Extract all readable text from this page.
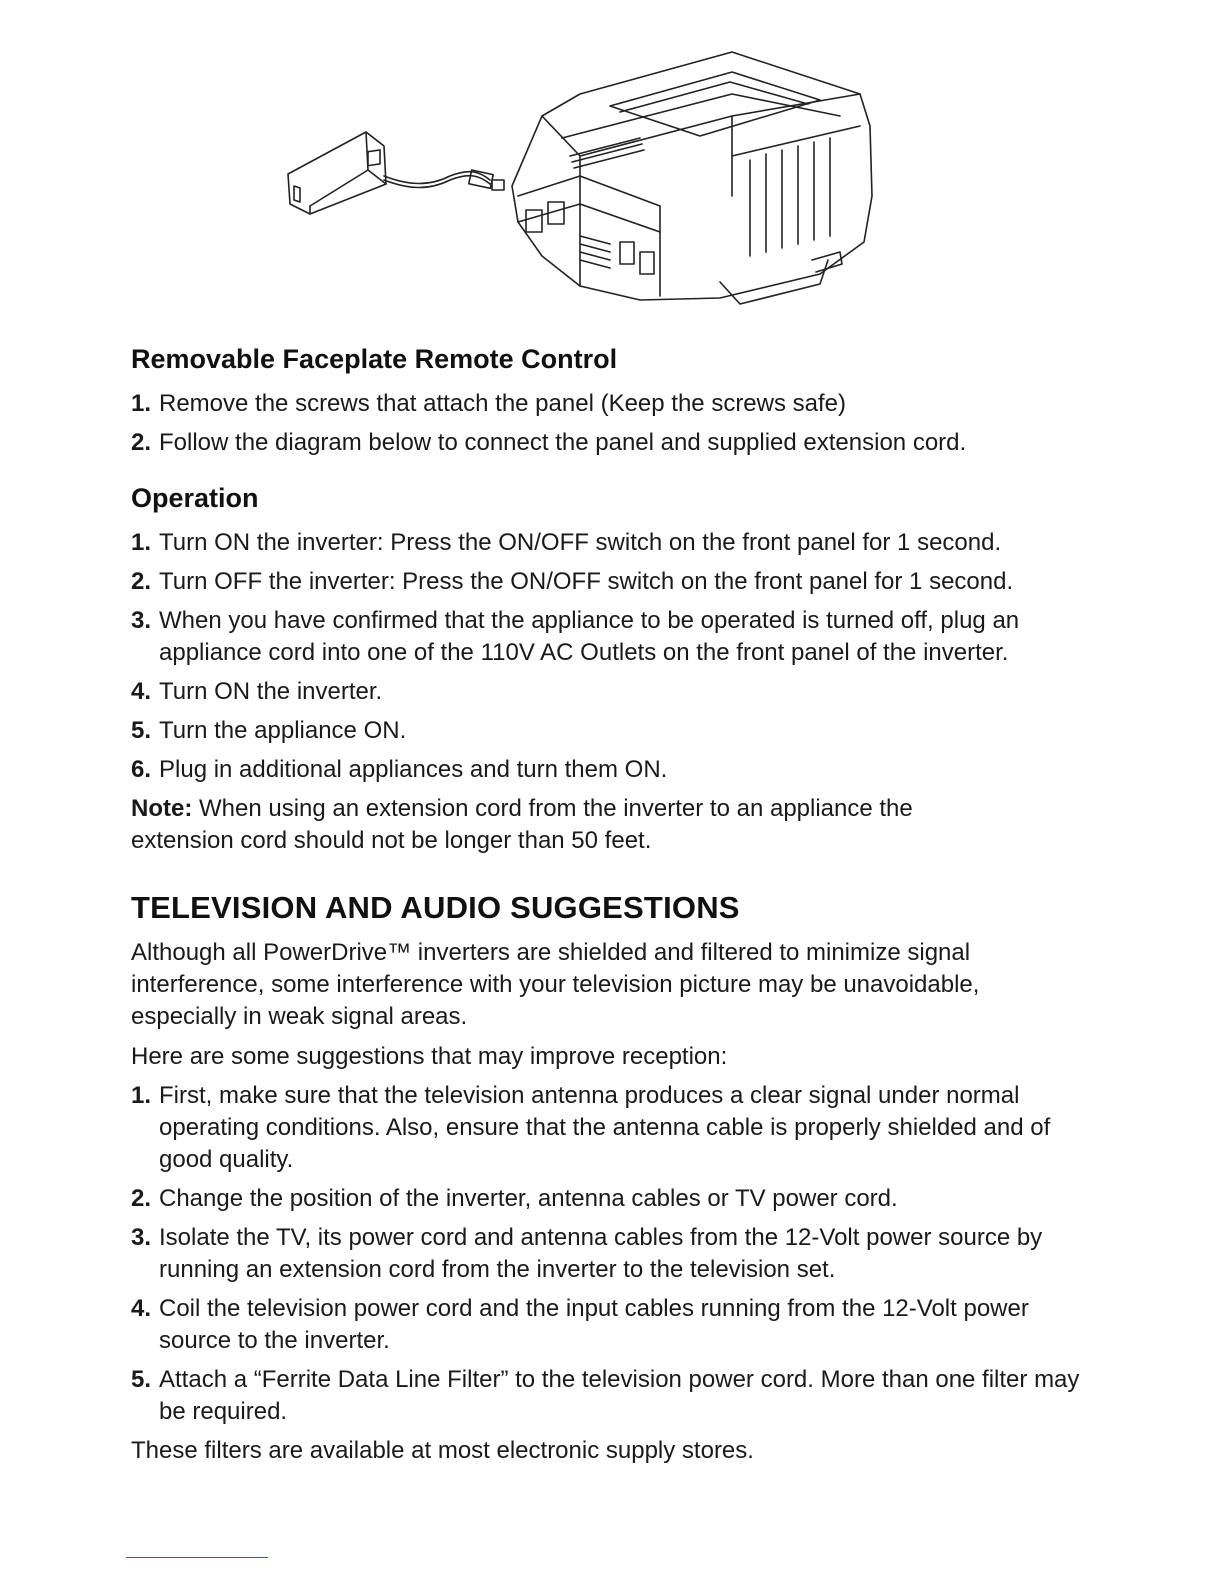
Removable Faceplate Remote Control
1. Remove the screws that attach the panel (Keep the screws safe)
2. Follow the diagram below to connect the panel and supplied extension cord.
Operation
1. Turn ON the inverter: Press the ON/OFF switch on the front panel for 1 second.
2. Turn OFF the inverter: Press the ON/OFF switch on the front panel for 1 second.
3. When you have confirmed that the appliance to be operated is turned off, plug an appliance cord into one of the 110V AC Outlets on the front panel of the inverter.
4. Turn ON the inverter.
5. Turn the appliance ON.
6. Plug in additional appliances and turn them ON.

Note: When using an extension cord from the inverter to an appliance the extension cord should not be longer than 50 feet.

TELEVISION AND AUDIO SUGGESTIONS

Although all PowerDrive™ inverters are shielded and filtered to minimize signal interference, some interference with your television picture may be unavoidable, especially in weak signal areas.

Here are some suggestions that may improve reception:

1. First, make sure that the television antenna produces a clear signal under normal operating conditions. Also, ensure that the antenna cable is properly shielded and of good quality.
2. Change the position of the inverter, antenna cables or TV power cord.
3. Isolate the TV, its power cord and antenna cables from the 12-Volt power source by running an extension cord from the inverter to the television set.
4. Coil the television power cord and the input cables running from the 12-Volt power source to the inverter.
5. Attach a “Ferrite Data Line Filter” to the television power cord. More than one filter may be required.

These filters are available at most electronic supply stores.
